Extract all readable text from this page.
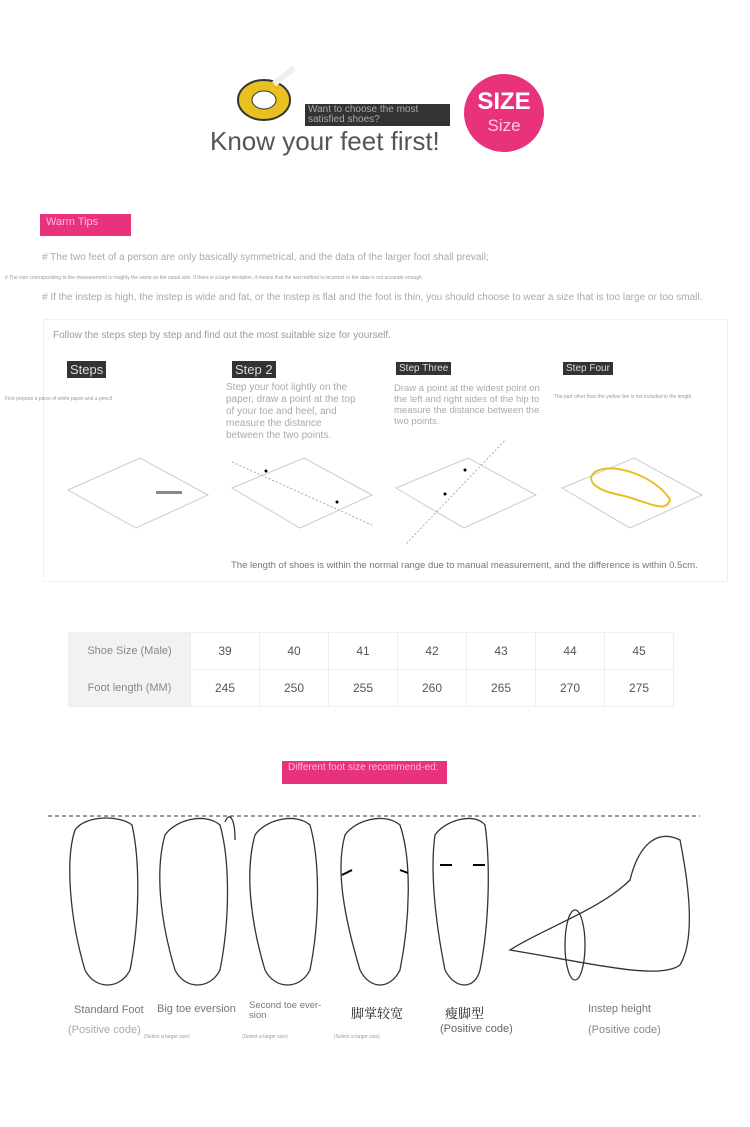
Want to choose the most satisfied shoes?
Know your feet first!
SIZE
Size
Warm Tips
# The two feet of a person are only basically symmetrical, and the data of the larger foot shall prevail;
# The size corresponding to the measurement is roughly the same as the usual size. If there is a large deviation, it means that the test method is incorrect or the data is not accurate enough.
# If the instep is high, the instep is wide and fat, or the instep is flat and the foot is thin, you should choose to wear a size that is too large or too small.
Follow the steps step by step and find out the most suitable size for yourself.
Steps
First prepare a piece of white paper and a pencil
Step 2
Step your foot lightly on the paper, draw a point at the top of your toe and heel, and measure the distance between the two points.
Step Three
Draw a point at the widest point on the left and right sides of the hip to measure the distance between the two points.
Step Four
The part other than the yellow line is not included in the length.
The length of shoes is within the normal range due to manual measurement, and the difference is within 0.5cm.
Shoe Size (Male)	39	40	41	42	43	44	45
Foot length (MM)	245	250	255	260	265	270	275
Different foot size recommend-ed:
Standard Foot
(Positive code)
Big toe eversion
(Select a larger size)
Second toe ever-sion
(Select a larger size)
脚掌较宽
(Select a larger size)
瘦脚型
(Positive code)
Instep height
(Positive code)
